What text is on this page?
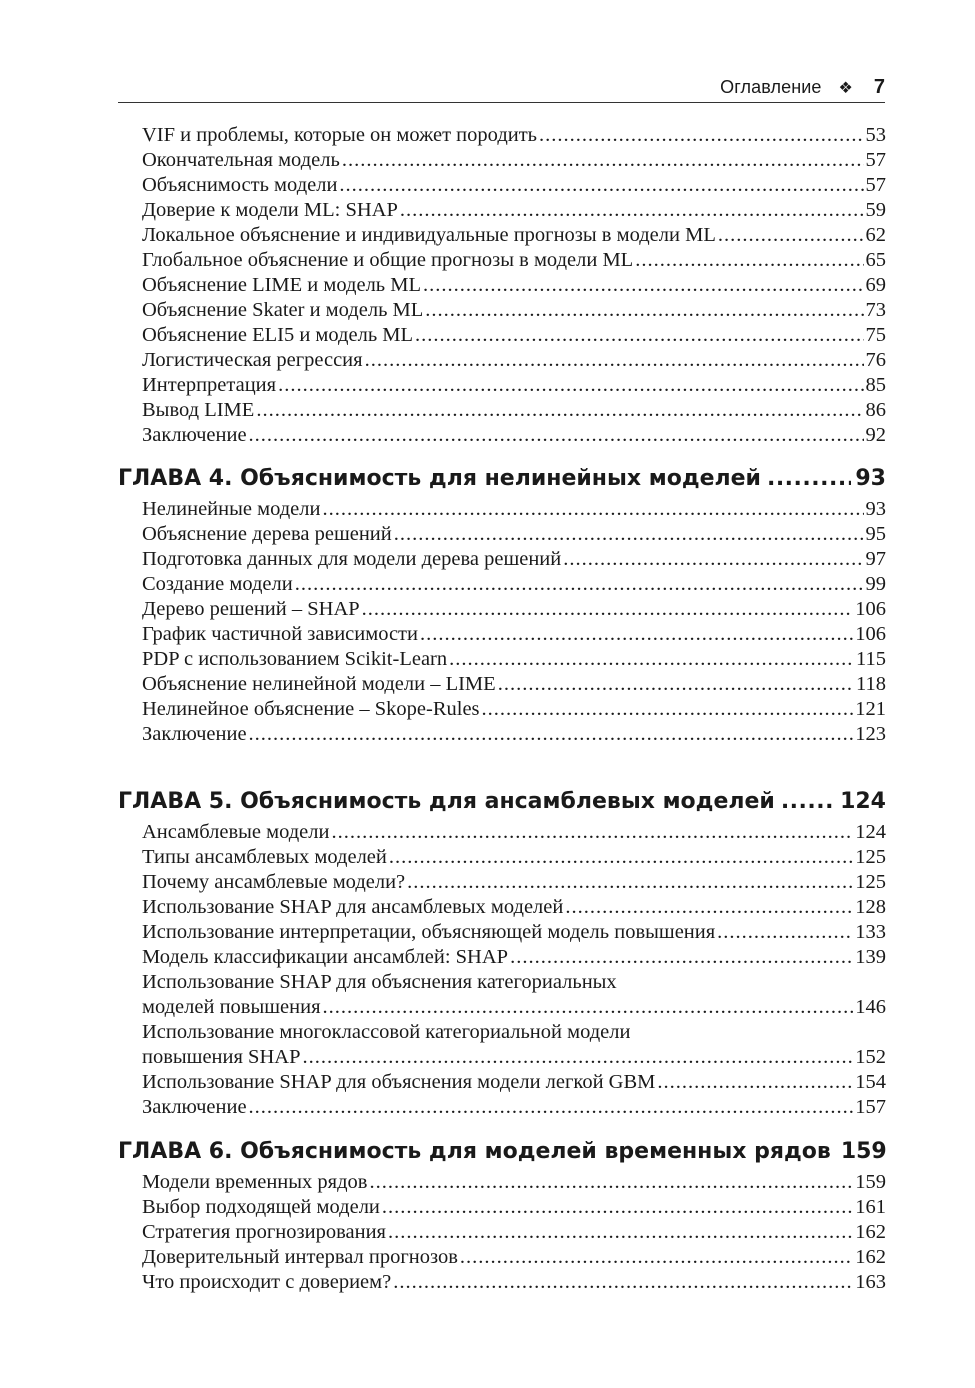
Оглавление ❖ 7
VIF и проблемы, которые он может породить .....	53
Окончательная модель .....	57
Объяснимость модели .....	57
Доверие к модели ML: SHAP .....	59
Локальное объяснение и индивидуальные прогнозы в модели ML .....	62
Глобальное объяснение и общие прогнозы в модели ML .....	65
Объяснение LIME и модель ML .....	69
Объяснение Skater и модель ML .....	73
Объяснение ELI5 и модель ML .....	75
Логистическая регрессия .....	76
Интерпретация .....	85
Вывод LIME .....	86
Заключение .....	92
ГЛАВА 4. Объяснимость для нелинейных моделей .....	93
Нелинейные модели .....	93
Объяснение дерева решений .....	95
Подготовка данных для модели дерева решений .....	97
Создание модели .....	99
Дерево решений – SHAP .....	106
График частичной зависимости .....	106
PDP с использованием Scikit-Learn .....	115
Объяснение нелинейной модели – LIME .....	118
Нелинейное объяснение – Skope-Rules .....	121
Заключение .....	123
ГЛАВА 5. Объяснимость для ансамблевых моделей .....	124
Ансамблевые модели .....	124
Типы ансамблевых моделей .....	125
Почему ансамблевые модели? .....	125
Использование SHAP для ансамблевых моделей .....	128
Использование интерпретации, объясняющей модель повышения .....	133
Модель классификации ансамблей: SHAP .....	139
Использование SHAP для объяснения категориальных
моделей повышения .....	146
Использование многоклассовой категориальной модели
повышения SHAP .....	152
Использование SHAP для объяснения модели легкой GBM .....	154
Заключение .....	157
ГЛАВА 6. Объяснимость для моделей временных рядов 159
Модели временных рядов .....	159
Выбор подходящей модели .....	161
Стратегия прогнозирования .....	162
Доверительный интервал прогнозов .....	162
Что происходит с доверием? .....	163
